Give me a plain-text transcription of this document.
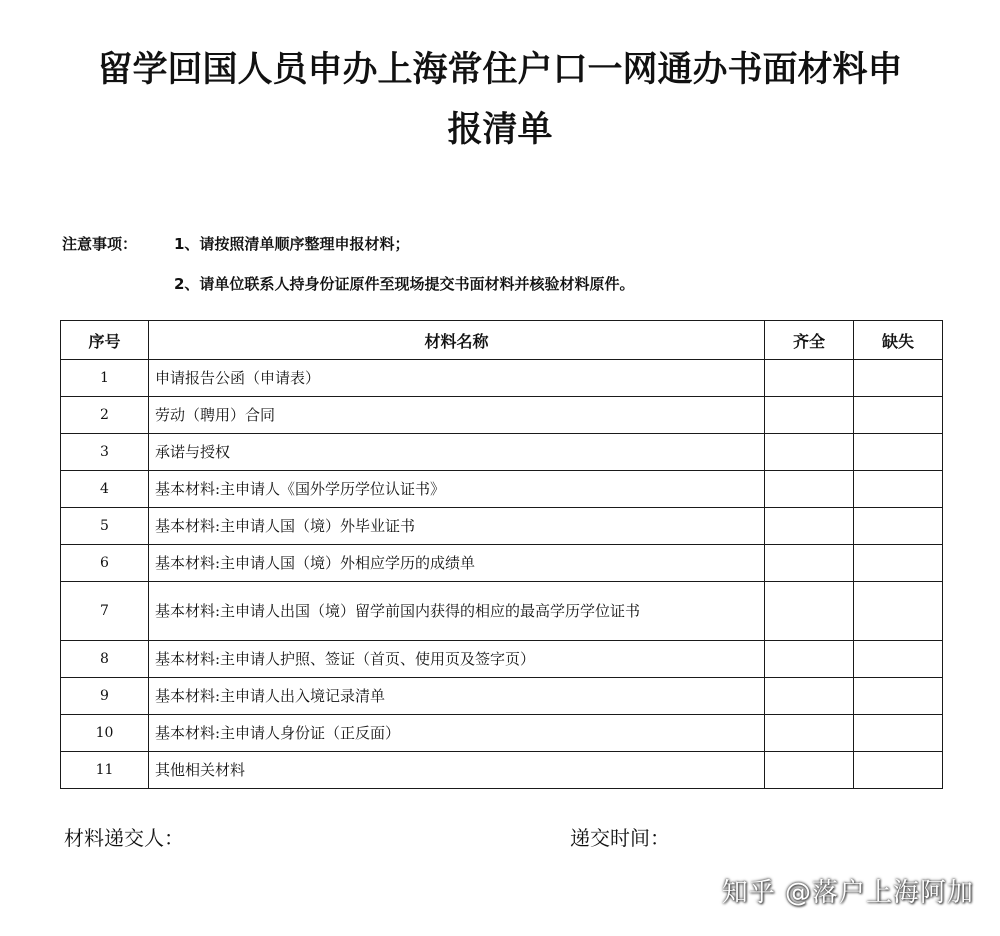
留学回国人员申办上海常住户口一网通办书面材料申
报清单
注意事项： 1、请按照清单顺序整理申报材料；
2、请单位联系人持身份证原件至现场提交书面材料并核验材料原件。
序号	材料名称	齐全	缺失
1	申请报告公函（申请表）		
2	劳动（聘用）合同		
3	承诺与授权		
4	基本材料:主申请人《国外学历学位认证书》		
5	基本材料:主申请人国（境）外毕业证书		
6	基本材料:主申请人国（境）外相应学历的成绩单		
7	基本材料:主申请人出国（境）留学前国内获得的相应的最高学历学位证书		
8	基本材料:主申请人护照、签证（首页、使用页及签字页）		
9	基本材料:主申请人出入境记录清单		
10	基本材料:主申请人身份证（正反面）		
11	其他相关材料		
材料递交人：	递交时间：
知乎 @落户上海阿加
